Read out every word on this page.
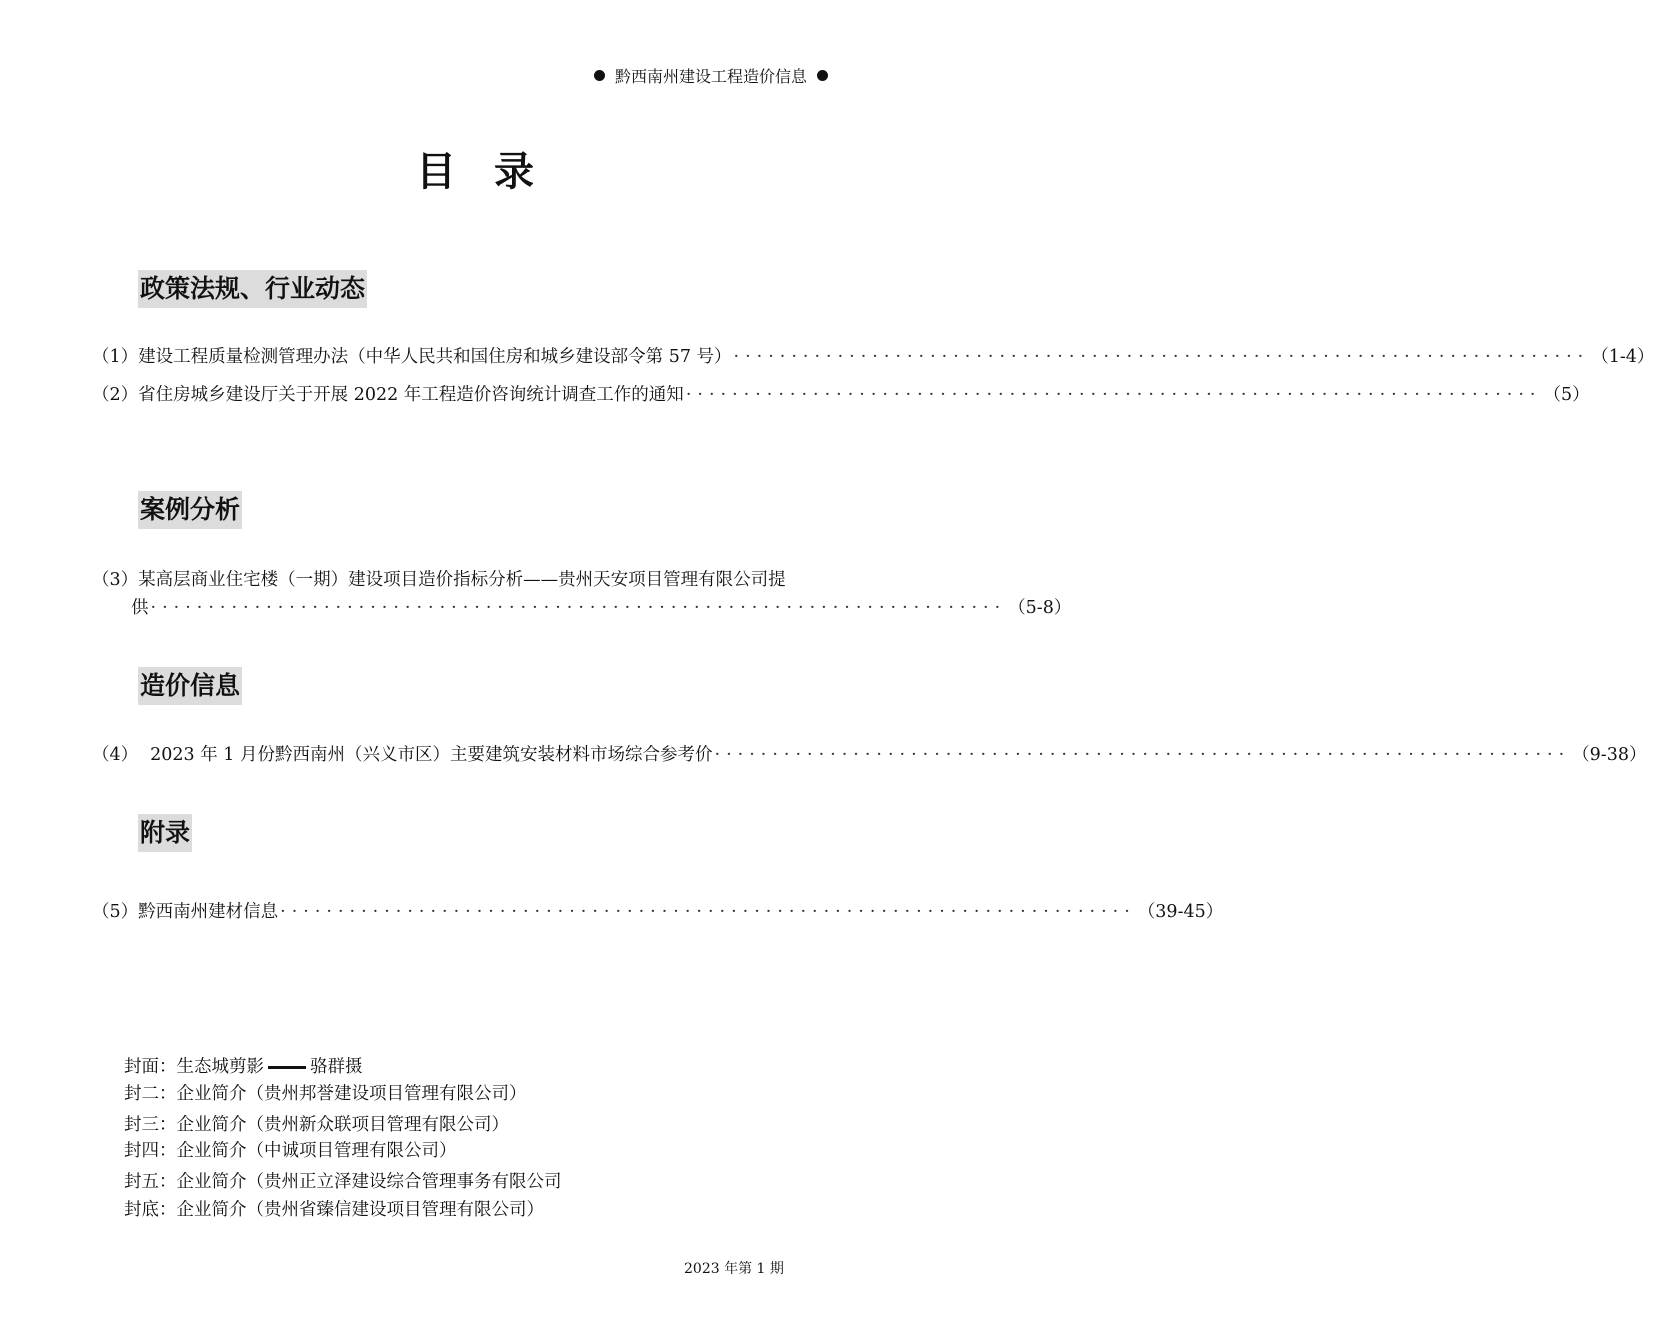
黔西南州建设工程造价信息
目录
政策法规、行业动态
（1） 建设工程质量检测管理办法（中华人民共和国住房和城乡建设部令第 57 号） ·········································································· （1-4）
（2） 省住房城乡建设厅关于开展 2022 年工程造价咨询统计调查工作的通知 ·········································································· （5）
案例分析
（3） 某高层商业住宅楼（一期）建设项目造价指标分析——贵州天安项目管理有限公司提
供 ·········································································· （5-8）
造价信息
（4） 2023 年 1 月份黔西南州（兴义市区）主要建筑安装材料市场综合参考价 ·········································································· （9-38）
附录
（5） 黔西南州建材信息 ·········································································· （39-45）
封面：生态城剪影	骆群摄
封二：企业简介（贵州邦誉建设项目管理有限公司）
封三：企业简介（贵州新众联项目管理有限公司）
封四：企业简介（中诚项目管理有限公司）
封五：企业简介（贵州正立泽建设综合管理事务有限公司
封底：企业简介（贵州省臻信建设项目管理有限公司）
2023 年第 1 期
